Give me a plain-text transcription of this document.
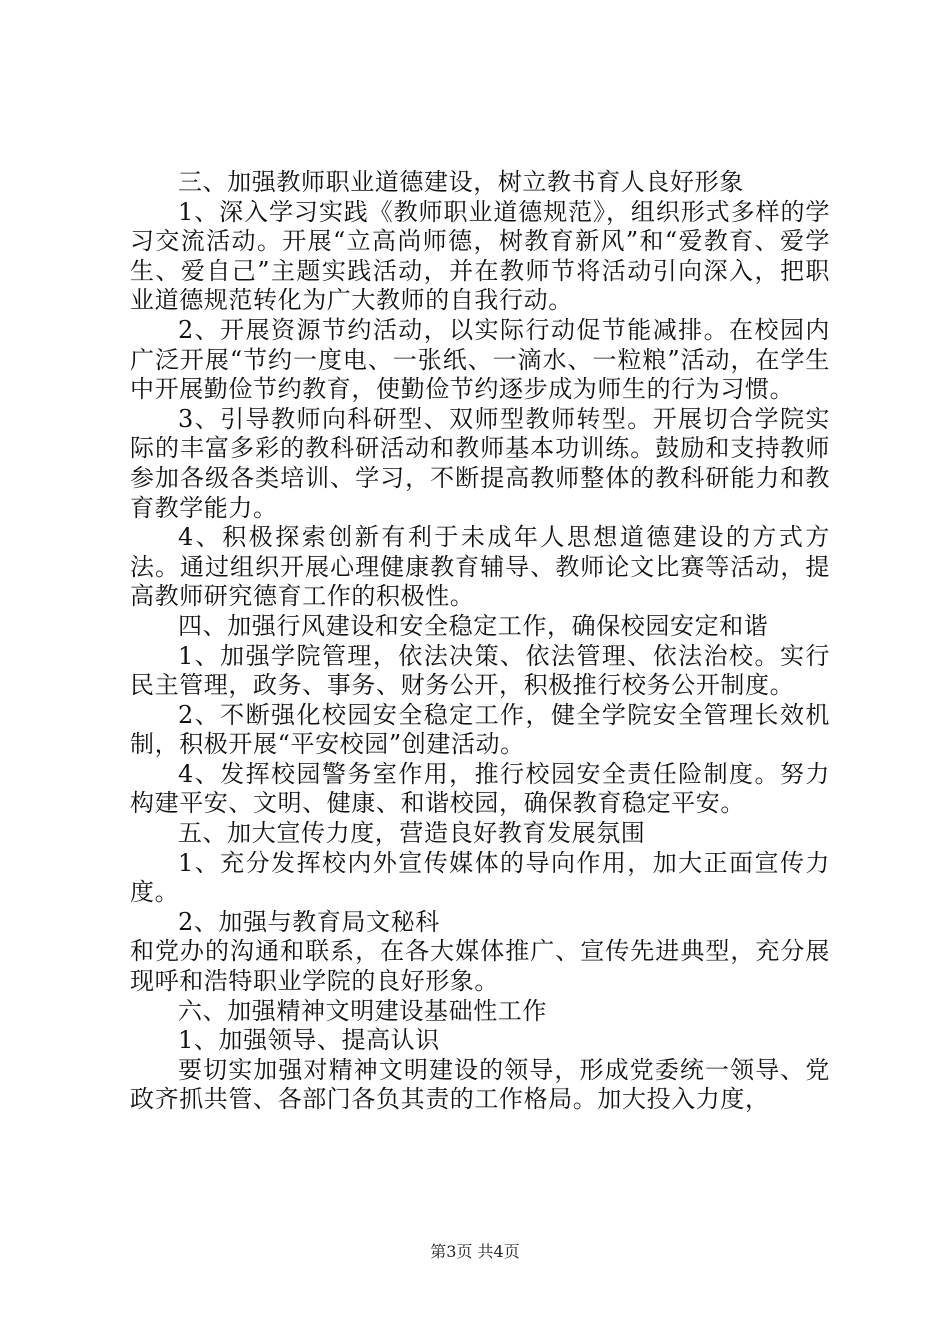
三、加强教师职业道德建设，树立教书育人良好形象

1、深入学习实践《教师职业道德规范》，组织形式多样的学习交流活动。开展“立高尚师德，树教育新风”和“爱教育、爱学生、爱自己”主题实践活动，并在教师节将活动引向深入，把职业道德规范转化为广大教师的自我行动。

2、开展资源节约活动，以实际行动促节能减排。在校园内广泛开展“节约一度电、一张纸、一滴水、一粒粮”活动，在学生中开展勤俭节约教育，使勤俭节约逐步成为师生的行为习惯。

3、引导教师向科研型、双师型教师转型。开展切合学院实际的丰富多彩的教科研活动和教师基本功训练。鼓励和支持教师参加各级各类培训、学习，不断提高教师整体的教科研能力和教育教学能力。

4、积极探索创新有利于未成年人思想道德建设的方式方法。通过组织开展心理健康教育辅导、教师论文比赛等活动，提高教师研究德育工作的积极性。

四、加强行风建设和安全稳定工作，确保校园安定和谐

1、加强学院管理，依法决策、依法管理、依法治校。实行民主管理，政务、事务、财务公开，积极推行校务公开制度。

2、不断强化校园安全稳定工作，健全学院安全管理长效机制，积极开展“平安校园”创建活动。

4、发挥校园警务室作用，推行校园安全责任险制度。努力构建平安、文明、健康、和谐校园，确保教育稳定平安。

五、加大宣传力度，营造良好教育发展氛围

1、充分发挥校内外宣传媒体的导向作用，加大正面宣传力度。

2、加强与教育局文秘科

和党办的沟通和联系，在各大媒体推广、宣传先进典型，充分展现呼和浩特职业学院的良好形象。

六、加强精神文明建设基础性工作

1、加强领导、提高认识

要切实加强对精神文明建设的领导，形成党委统一领导、党政齐抓共管、各部门各负其责的工作格局。加大投入力度，

第3页 共4页
